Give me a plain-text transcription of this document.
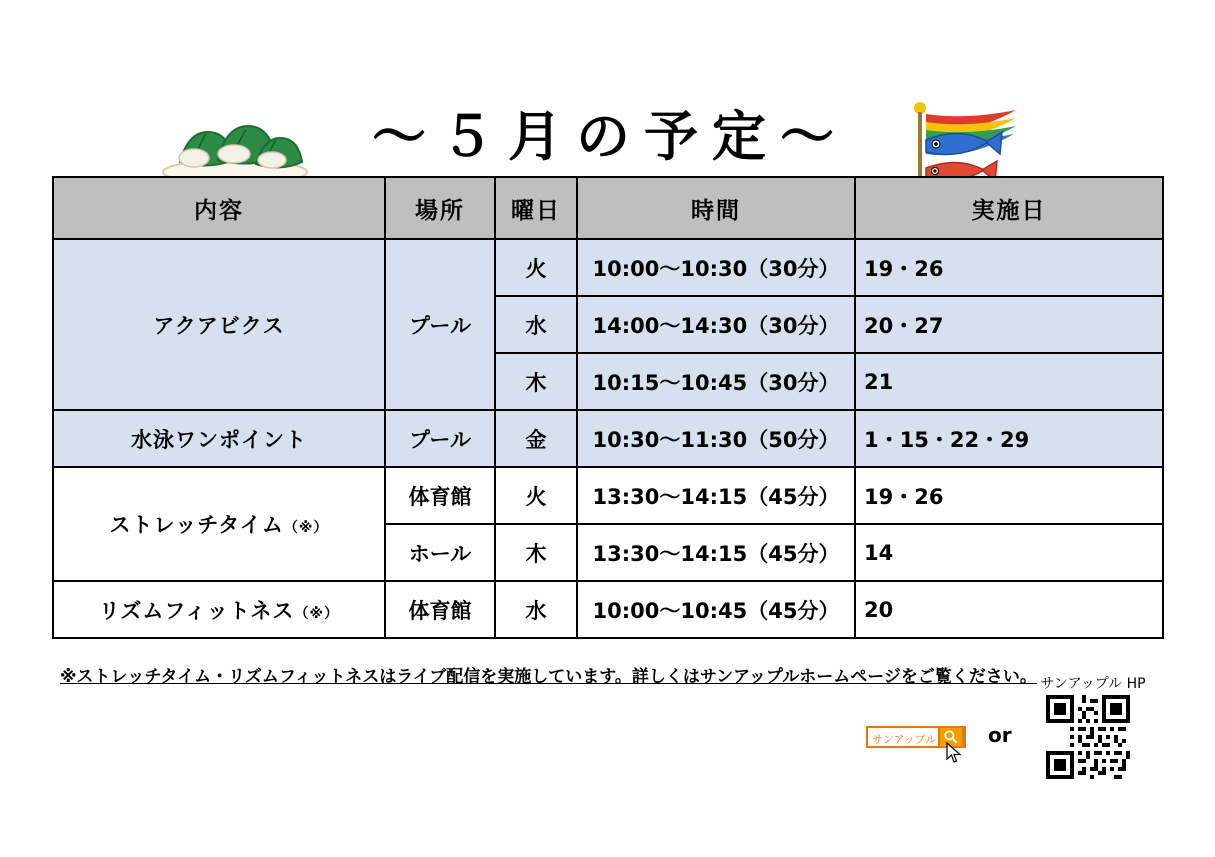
〜５月の予定〜
内容	場所	曜日	時間	実施日
アクアビクス	プール	火	10:00〜10:30（30分）	19・26
		水	14:00〜14:30（30分）	20・27
		木	10:15〜10:45（30分）	21
水泳ワンポイント	プール	金	10:30〜11:30（50分）	1・15・22・29
ストレッチタイム（※）	体育館	火	13:30〜14:15（45分）	19・26
	ホール	木	13:30〜14:15（45分）	14
リズムフィットネス（※）	体育館	水	10:00〜10:45（45分）	20
※ストレッチタイム・リズムフィットネスはライブ配信を実施しています。詳しくはサンアップルホームページをご覧ください。
サンアップル	or
サンアップル HP
